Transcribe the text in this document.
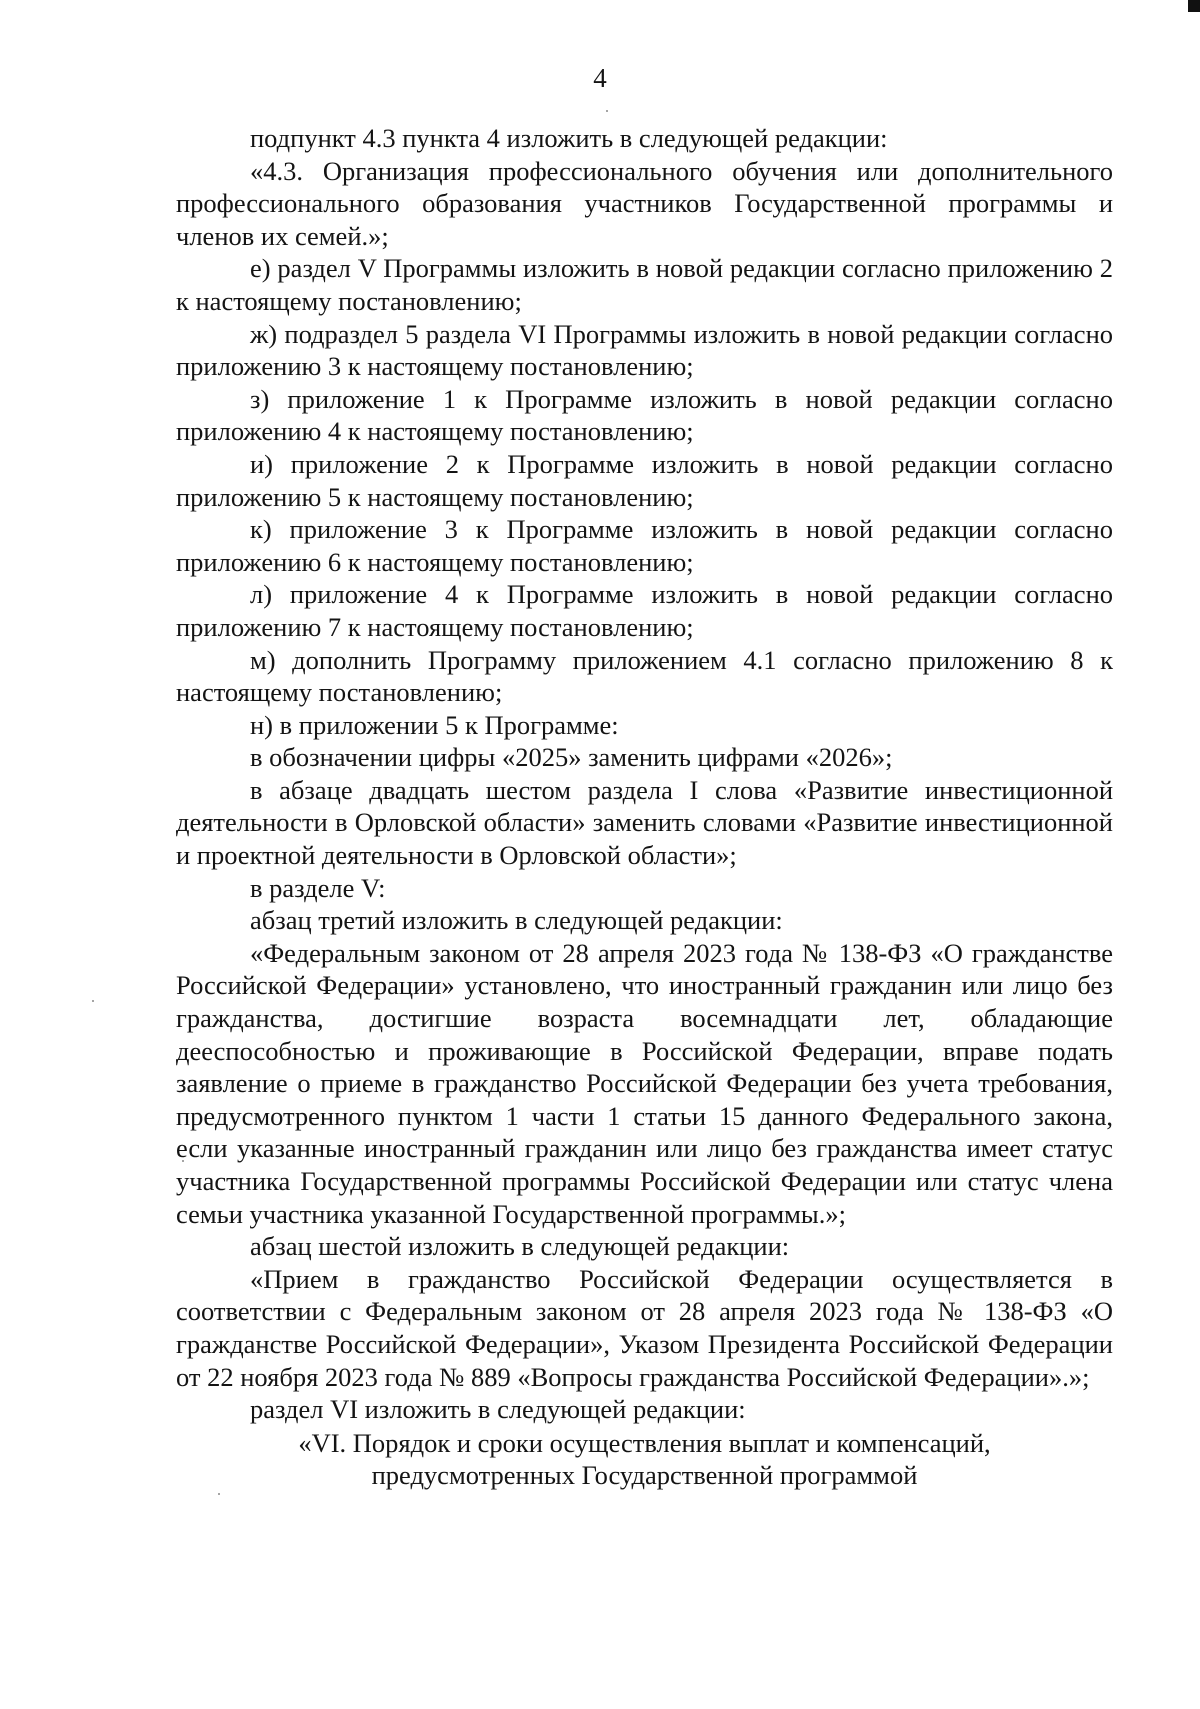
4

подпункт 4.3 пункта 4 изложить в следующей редакции:

«4.3. Организация профессионального обучения или дополнительного профессионального образования участников Государственной программы и членов их семей.»;

е) раздел V Программы изложить в новой редакции согласно приложению 2 к настоящему постановлению;

ж) подраздел 5 раздела VI Программы изложить в новой редакции согласно приложению 3 к настоящему постановлению;

з) приложение 1 к Программе изложить в новой редакции согласно приложению 4 к настоящему постановлению;

и) приложение 2 к Программе изложить в новой редакции согласно приложению 5 к настоящему постановлению;

к) приложение 3 к Программе изложить в новой редакции согласно приложению 6 к настоящему постановлению;

л) приложение 4 к Программе изложить в новой редакции согласно приложению 7 к настоящему постановлению;

м) дополнить Программу приложением 4.1 согласно приложению 8 к настоящему постановлению;

н) в приложении 5 к Программе:

в обозначении цифры «2025» заменить цифрами «2026»;

в абзаце двадцать шестом раздела I слова «Развитие инвестиционной деятельности в Орловской области» заменить словами «Развитие инвестиционной и проектной деятельности в Орловской области»;

в разделе V:

абзац третий изложить в следующей редакции:

«Федеральным законом от 28 апреля 2023 года № 138-ФЗ «О гражданстве Российской Федерации» установлено, что иностранный гражданин или лицо без гражданства, достигшие возраста восемнадцати лет, обладающие дееспособностью и проживающие в Российской Федерации, вправе подать заявление о приеме в гражданство Российской Федерации без учета требования, предусмотренного пунктом 1 части 1 статьи 15 данного Федерального закона, если указанные иностранный гражданин или лицо без гражданства имеет статус участника Государственной программы Российской Федерации или статус члена семьи участника указанной Государственной программы.»;

абзац шестой изложить в следующей редакции:

«Прием в гражданство Российской Федерации осуществляется в соответствии с Федеральным законом от 28 апреля 2023 года № 138-ФЗ «О гражданстве Российской Федерации», Указом Президента Российской Федерации от 22 ноября 2023 года № 889 «Вопросы гражданства Российской Федерации».»;

раздел VI изложить в следующей редакции:

«VI. Порядок и сроки осуществления выплат и компенсаций,
предусмотренных Государственной программой
